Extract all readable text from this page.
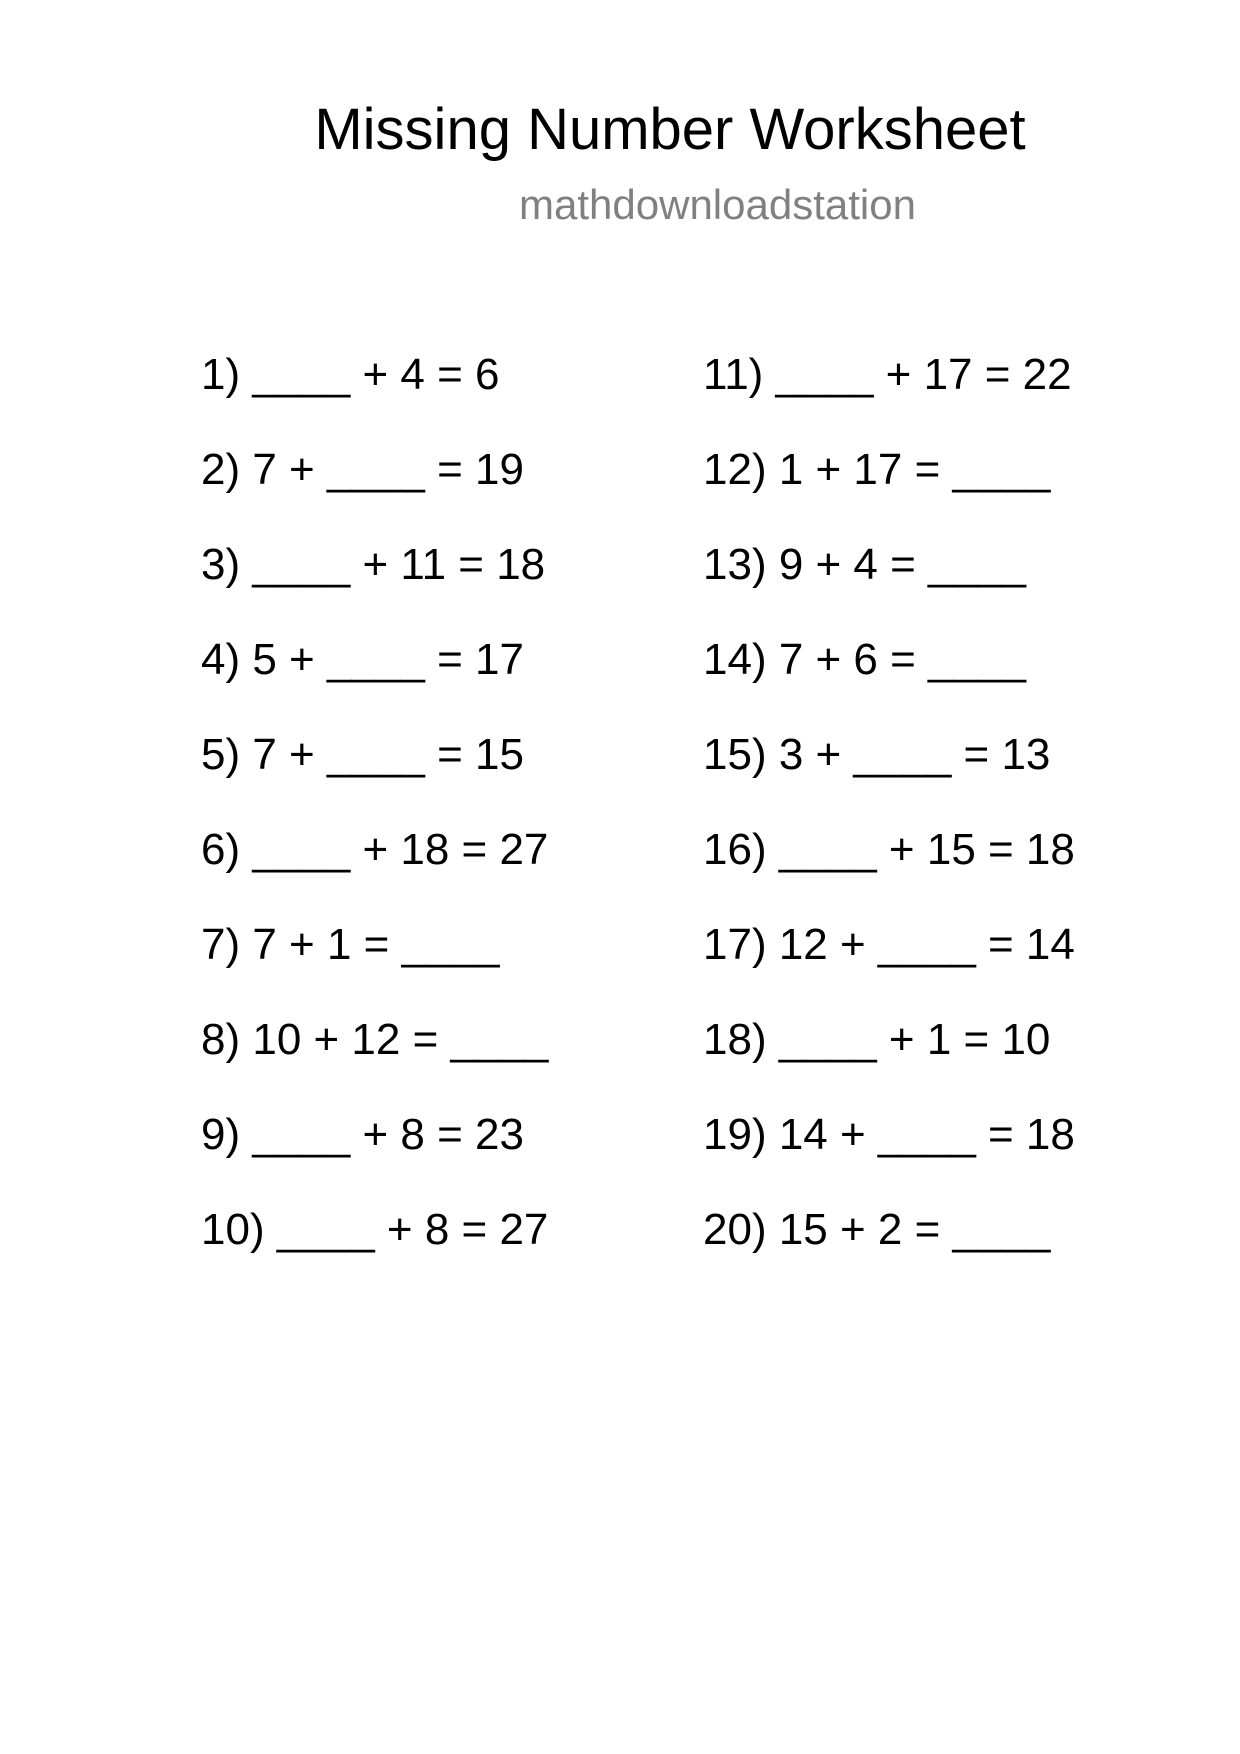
Missing Number Worksheet
mathdownloadstation
1) ____ + 4 = 6
2) 7 + ____ = 19
3) ____ + 11 = 18
4) 5 + ____ = 17
5) 7 + ____ = 15
6) ____ + 18 = 27
7) 7 + 1 = ____
8) 10 + 12 = ____
9) ____ + 8 = 23
10) ____ + 8 = 27
11) ____ + 17 = 22
12) 1 + 17 = ____
13) 9 + 4 = ____
14) 7 + 6 = ____
15) 3 + ____ = 13
16) ____ + 15 = 18
17) 12 + ____ = 14
18) ____ + 1 = 10
19) 14 + ____ = 18
20) 15 + 2 = ____
